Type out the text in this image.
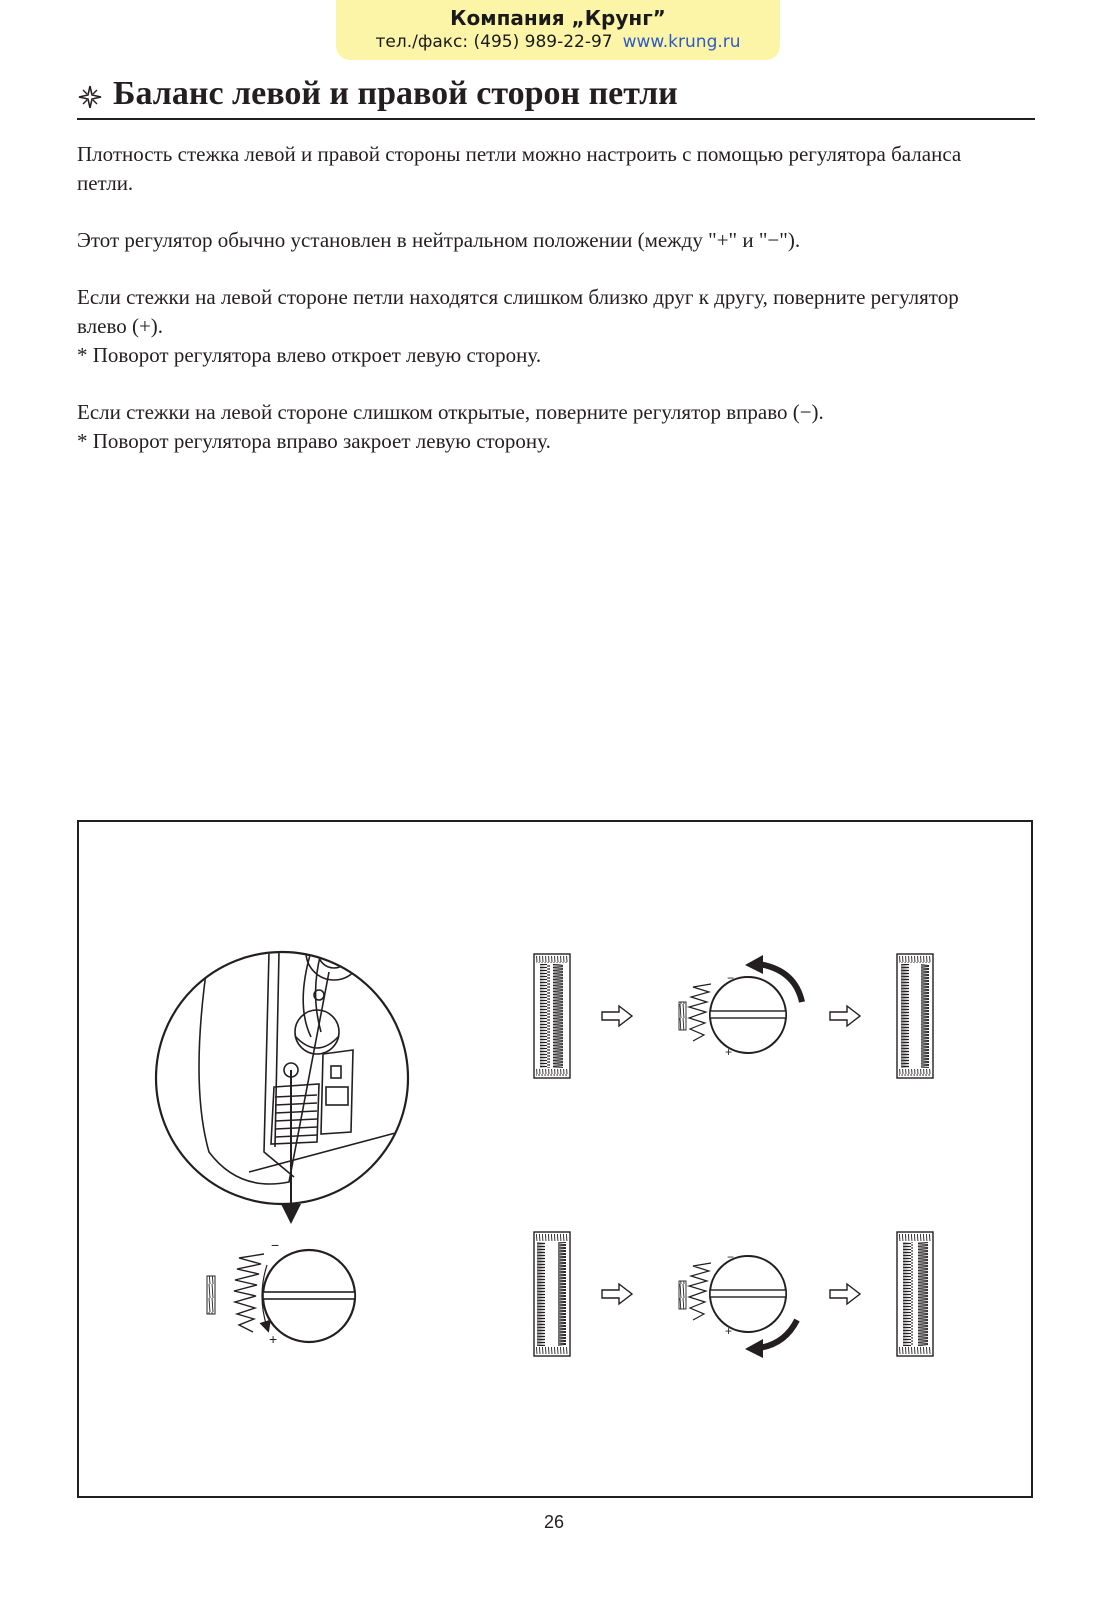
Компания „Крунг”
тел./факс: (495) 989-22-97 www.krung.ru
Баланс левой и правой сторон петли

Плотность стежка левой и правой стороны петли можно настроить с помощью регулятора баланса
петли.

Этот регулятор обычно установлен в нейтральном положении (между "+" и "−").

Если стежки на левой стороне петли находятся слишком близко друг к другу, поверните регулятор
влево (+).
* Поворот регулятора влево откроет левую сторону.

Если стежки на левой стороне слишком открытые, поверните регулятор вправо (−).
* Поворот регулятора вправо закроет левую сторону.

−
+
−
+
−
+
26
